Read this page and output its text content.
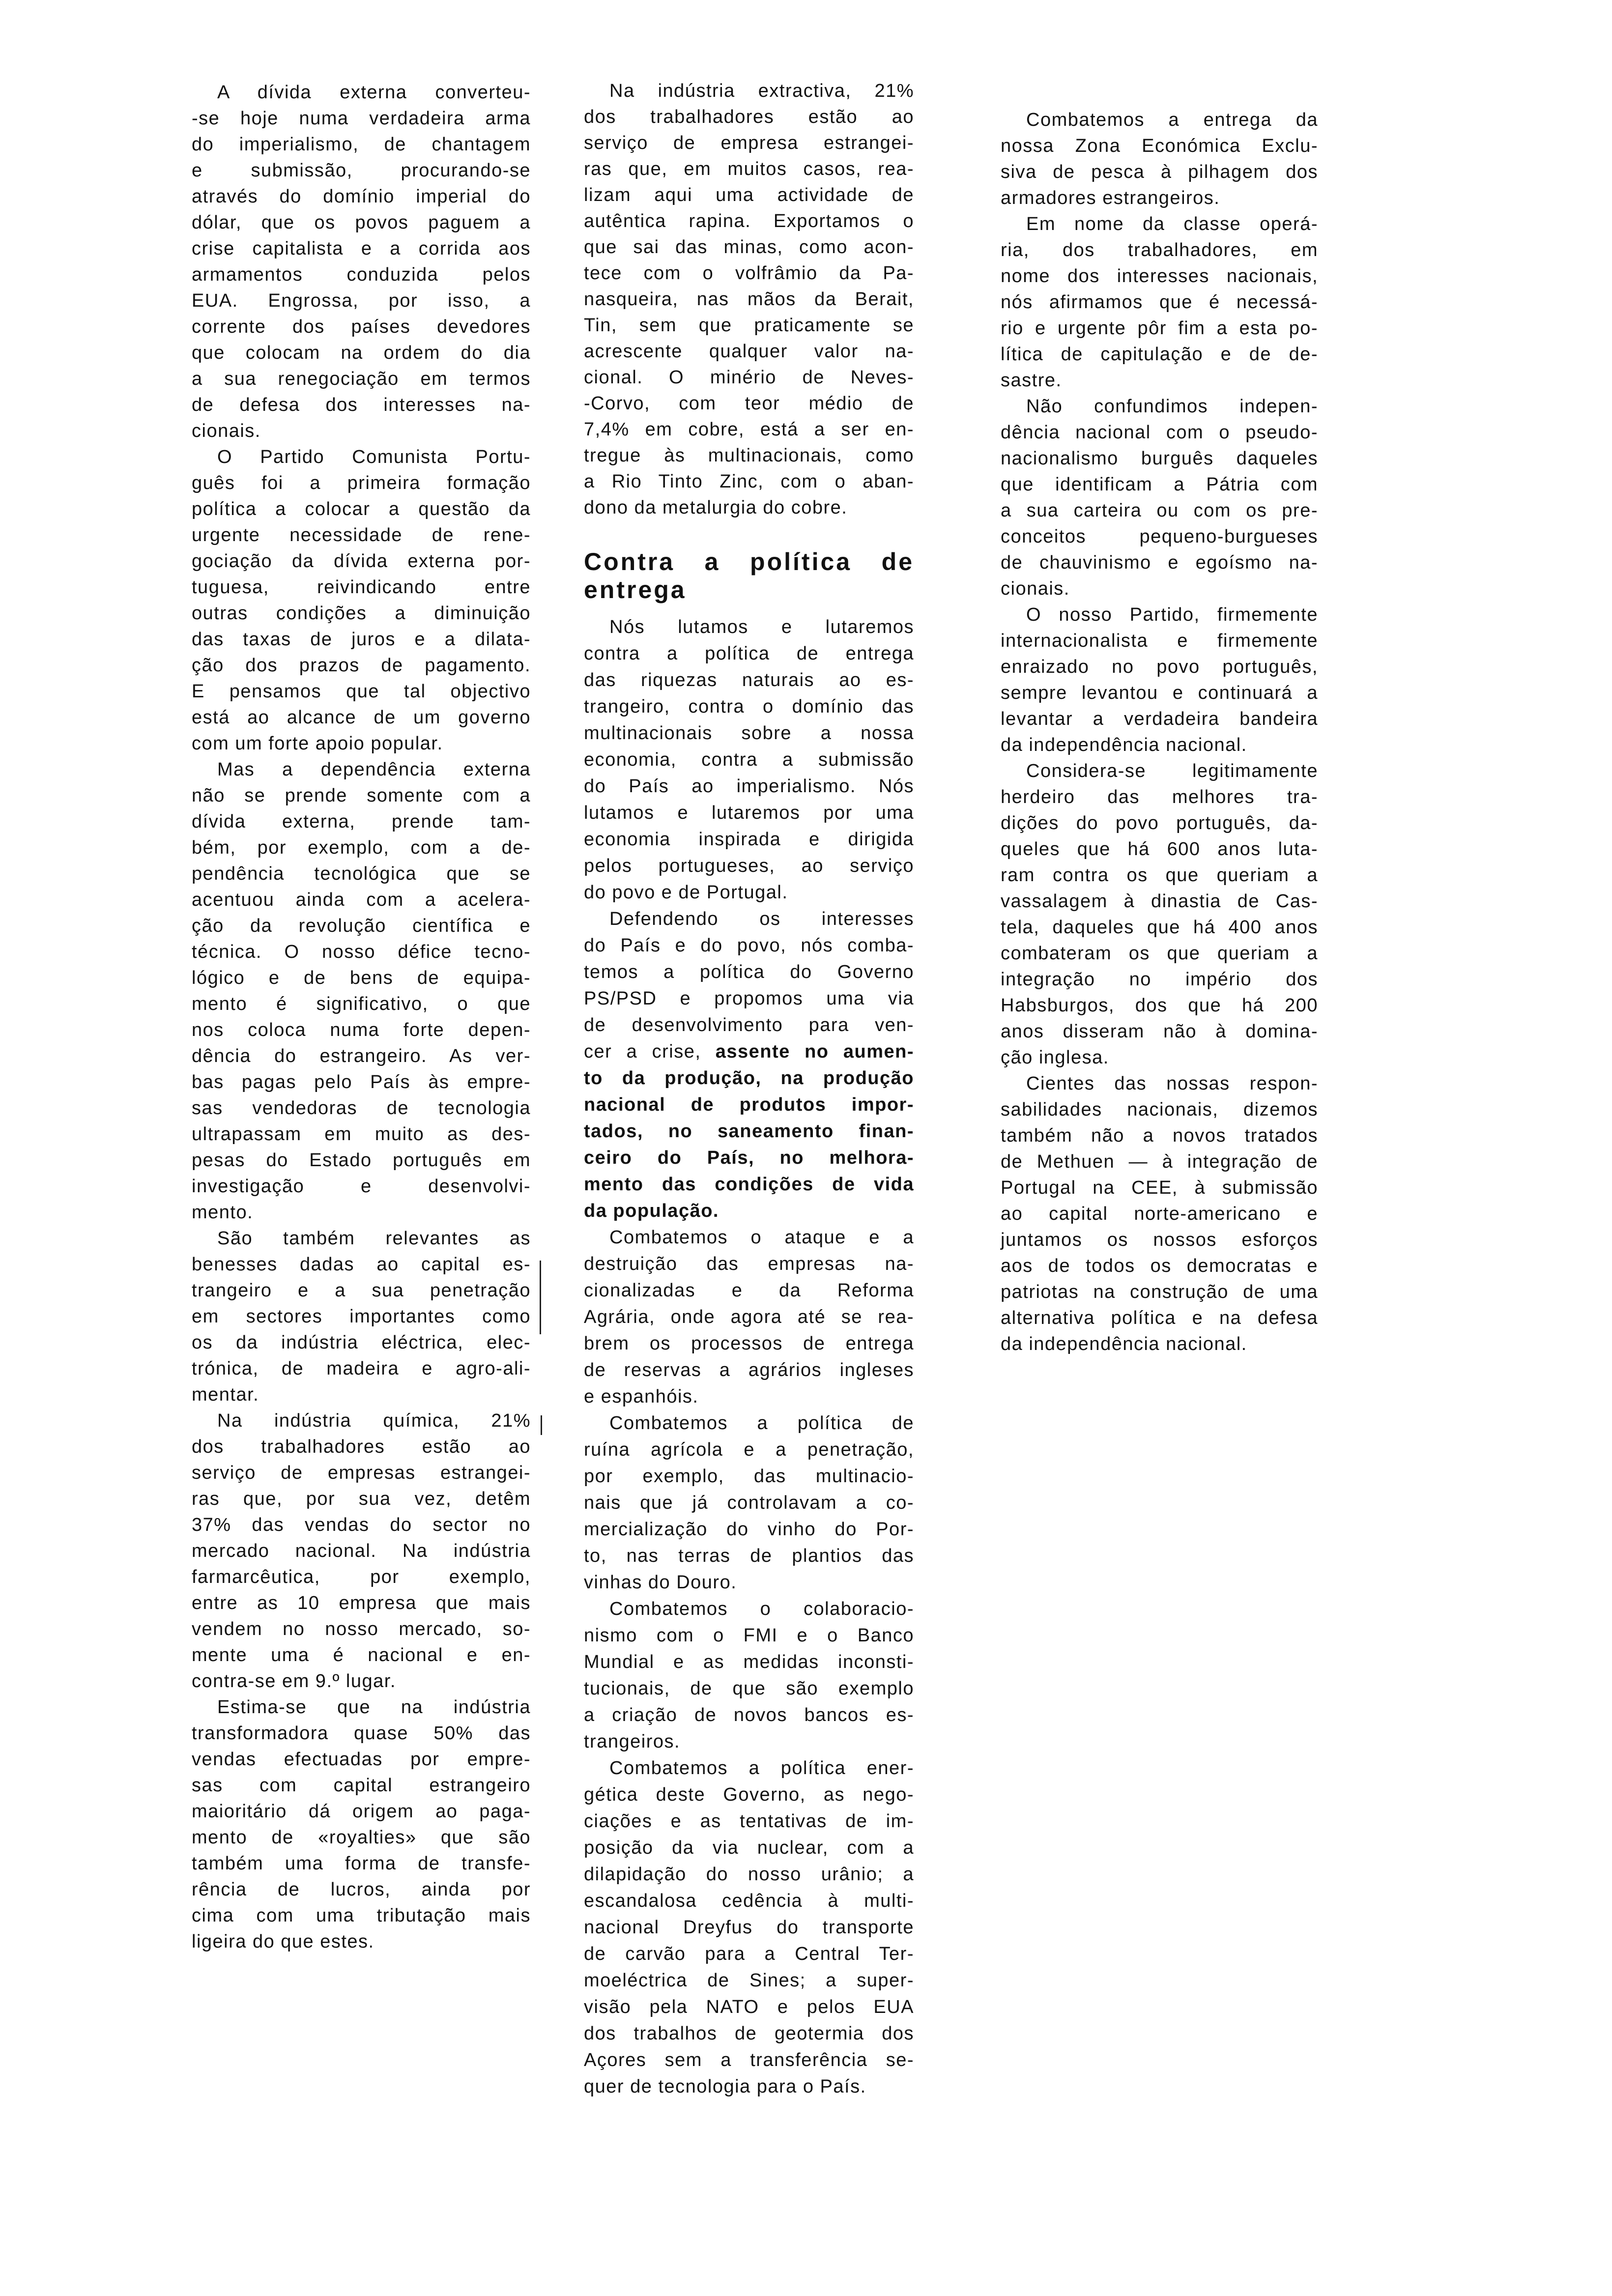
A dívida externa converteu-
-se hoje numa verdadeira arma
do imperialismo, de chantagem
e submissão, procurando-se
através do domínio imperial do
dólar, que os povos paguem a
crise capitalista e a corrida aos
armamentos conduzida pelos
EUA. Engrossa, por isso, a
corrente dos países devedores
que colocam na ordem do dia
a sua renegociação em termos
de defesa dos interesses na-
cionais.
O Partido Comunista Portu-
guês foi a primeira formação
política a colocar a questão da
urgente necessidade de rene-
gociação da dívida externa por-
tuguesa, reivindicando entre
outras condições a diminuição
das taxas de juros e a dilata-
ção dos prazos de pagamento.
E pensamos que tal objectivo
está ao alcance de um governo
com um forte apoio popular.
Mas a dependência externa
não se prende somente com a
dívida externa, prende tam-
bém, por exemplo, com a de-
pendência tecnológica que se
acentuou ainda com a acelera-
ção da revolução científica e
técnica. O nosso défice tecno-
lógico e de bens de equipa-
mento é significativo, o que
nos coloca numa forte depen-
dência do estrangeiro. As ver-
bas pagas pelo País às empre-
sas vendedoras de tecnologia
ultrapassam em muito as des-
pesas do Estado português em
investigação e desenvolvi-
mento.
São também relevantes as
benesses dadas ao capital es-
trangeiro e a sua penetração
em sectores importantes como
os da indústria eléctrica, elec-
trónica, de madeira e agro-ali-
mentar.
Na indústria química, 21%
dos trabalhadores estão ao
serviço de empresas estrangei-
ras que, por sua vez, detêm
37% das vendas do sector no
mercado nacional. Na indústria
farmarcêutica, por exemplo,
entre as 10 empresa que mais
vendem no nosso mercado, so-
mente uma é nacional e en-
contra-se em 9.º lugar.
Estima-se que na indústria
transformadora quase 50% das
vendas efectuadas por empre-
sas com capital estrangeiro
maioritário dá origem ao paga-
mento de «royalties» que são
também uma forma de transfe-
rência de lucros, ainda por
cima com uma tributação mais
ligeira do que estes.
Na indústria extractiva, 21%
dos trabalhadores estão ao
serviço de empresa estrangei-
ras que, em muitos casos, rea-
lizam aqui uma actividade de
autêntica rapina. Exportamos o
que sai das minas, como acon-
tece com o volfrâmio da Pa-
nasqueira, nas mãos da Berait,
Tin, sem que praticamente se
acrescente qualquer valor na-
cional. O minério de Neves-
-Corvo, com teor médio de
7,4% em cobre, está a ser en-
tregue às multinacionais, como
a Rio Tinto Zinc, com o aban-
dono da metalurgia do cobre.
Contra a política de
entrega
Nós lutamos e lutaremos
contra a política de entrega
das riquezas naturais ao es-
trangeiro, contra o domínio das
multinacionais sobre a nossa
economia, contra a submissão
do País ao imperialismo. Nós
lutamos e lutaremos por uma
economia inspirada e dirigida
pelos portugueses, ao serviço
do povo e de Portugal.
Defendendo os interesses
do País e do povo, nós comba-
temos a política do Governo
PS/PSD e propomos uma via
de desenvolvimento para ven-
cer a crise, assente no aumen-
to da produção, na produção
nacional de produtos impor-
tados, no saneamento finan-
ceiro do País, no melhora-
mento das condições de vida
da população.
Combatemos o ataque e a
destruição das empresas na-
cionalizadas e da Reforma
Agrária, onde agora até se rea-
brem os processos de entrega
de reservas a agrários ingleses
e espanhóis.
Combatemos a política de
ruína agrícola e a penetração,
por exemplo, das multinacio-
nais que já controlavam a co-
mercialização do vinho do Por-
to, nas terras de plantios das
vinhas do Douro.
Combatemos o colaboracio-
nismo com o FMI e o Banco
Mundial e as medidas inconsti-
tucionais, de que são exemplo
a criação de novos bancos es-
trangeiros.
Combatemos a política ener-
gética deste Governo, as nego-
ciações e as tentativas de im-
posição da via nuclear, com a
dilapidação do nosso urânio; a
escandalosa cedência à multi-
nacional Dreyfus do transporte
de carvão para a Central Ter-
moeléctrica de Sines; a super-
visão pela NATO e pelos EUA
dos trabalhos de geotermia dos
Açores sem a transferência se-
quer de tecnologia para o País.
Combatemos a entrega da
nossa Zona Económica Exclu-
siva de pesca à pilhagem dos
armadores estrangeiros.
Em nome da classe operá-
ria, dos trabalhadores, em
nome dos interesses nacionais,
nós afirmamos que é necessá-
rio e urgente pôr fim a esta po-
lítica de capitulação e de de-
sastre.
Não confundimos indepen-
dência nacional com o pseudo-
nacionalismo burguês daqueles
que identificam a Pátria com
a sua carteira ou com os pre-
conceitos pequeno-burgueses
de chauvinismo e egoísmo na-
cionais.
O nosso Partido, firmemente
internacionalista e firmemente
enraizado no povo português,
sempre levantou e continuará a
levantar a verdadeira bandeira
da independência nacional.
Considera-se legitimamente
herdeiro das melhores tra-
dições do povo português, da-
queles que há 600 anos luta-
ram contra os que queriam a
vassalagem à dinastia de Cas-
tela, daqueles que há 400 anos
combateram os que queriam a
integração no império dos
Habsburgos, dos que há 200
anos disseram não à domina-
ção inglesa.
Cientes das nossas respon-
sabilidades nacionais, dizemos
também não a novos tratados
de Methuen — à integração de
Portugal na CEE, à submissão
ao capital norte-americano e
juntamos os nossos esforços
aos de todos os democratas e
patriotas na construção de uma
alternativa política e na defesa
da independência nacional.
